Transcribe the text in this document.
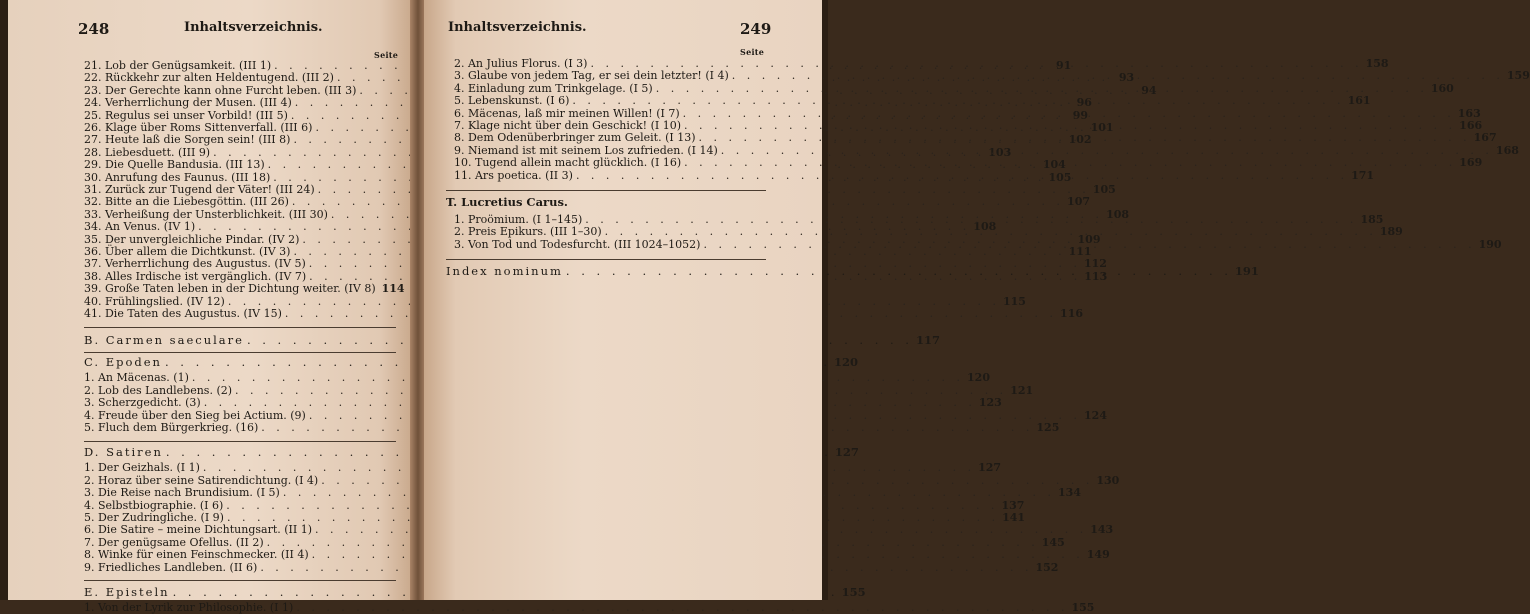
248	Inhaltsverzeichnis.
Seite
21. Lob der Genügsamkeit. (III 1) . . .	91
22. Rückkehr zur alten Heldentugend. (III 2) . . .	93
23. Der Gerechte kann ohne Furcht leben. (III 3) . . .	94
24. Verherrlichung der Musen. (III 4) . . .	96
25. Regulus sei unser Vorbild! (III 5) . . .	99
26. Klage über Roms Sittenverfall. (III 6) . . .	101
27. Heute laß die Sorgen sein! (III 8) . . .	102
28. Liebesduett. (III 9) . . .	103
29. Die Quelle Bandusia. (III 13) . . .	104
30. Anrufung des Faunus. (III 18) . . .	105
31. Zurück zur Tugend der Väter! (III 24) . . .	105
32. Bitte an die Liebesgöttin. (III 26) . . .	107
33. Verheißung der Unsterblichkeit. (III 30) . . .	108
34. An Venus. (IV 1) . . .	108
35. Der unvergleichliche Pindar. (IV 2) . . .	109
36. Über allem die Dichtkunst. (IV 3) . . .	111
37. Verherrlichung des Augustus. (IV 5) . . .	112
38. Alles Irdische ist vergänglich. (IV 7) . . .	113
39. Große Taten leben in der Dichtung weiter. (IV 8) 114
40. Frühlingslied. (IV 12) . . .	115
41. Die Taten des Augustus. (IV 15) . . .	116
B. Carmen saeculare . . .	117
C. Epoden . . .	120
1. An Mäcenas. (1) . . .	120
2. Lob des Landlebens. (2) . . .	121
3. Scherzgedicht. (3) . . .	123
4. Freude über den Sieg bei Actium. (9) . . .	124
5. Fluch dem Bürgerkrieg. (16) . . .	125
D. Satiren . . .	127
1. Der Geizhals. (I 1) . . .	127
2. Horaz über seine Satirendichtung. (I 4) . . .	130
3. Die Reise nach Brundisium. (I 5) . . .	134
4. Selbstbiographie. (I 6) . . .	137
5. Der Zudringliche. (I 9) . . .	141
6. Die Satire – meine Dichtungsart. (II 1) . . .	143
7. Der genügsame Ofellus. (II 2) . . .	145
8. Winke für einen Feinschmecker. (II 4) . . .	149
9. Friedliches Landleben. (II 6) . . .	152
E. Episteln . . .	155
1. Von der Lyrik zur Philosophie. (I 1) . . .	155
Inhaltsverzeichnis.	249
Seite
2. An Julius Florus. (I 3) . . .	158
3. Glaube von jedem Tag, er sei dein letzter! (I 4) . . .	159
4. Einladung zum Trinkgelage. (I 5) . . .	160
5. Lebenskunst. (I 6) . . .	161
6. Mäcenas, laß mir meinen Willen! (I 7) . . .	163
7. Klage nicht über dein Geschick! (I 10) . . .	166
8. Dem Odenüberbringer zum Geleit. (I 13) . . .	167
9. Niemand ist mit seinem Los zufrieden. (I 14) . . .	168
10. Tugend allein macht glücklich. (I 16) . . .	169
11. Ars poetica. (II 3) . . .	171
T. Lucretius Carus.
1. Proömium. (I 1–145) . . .	185
2. Preis Epikurs. (III 1–30) . . .	189
3. Von Tod und Todesfurcht. (III 1024–1052) . . .	190
Index nominum . . .	191
